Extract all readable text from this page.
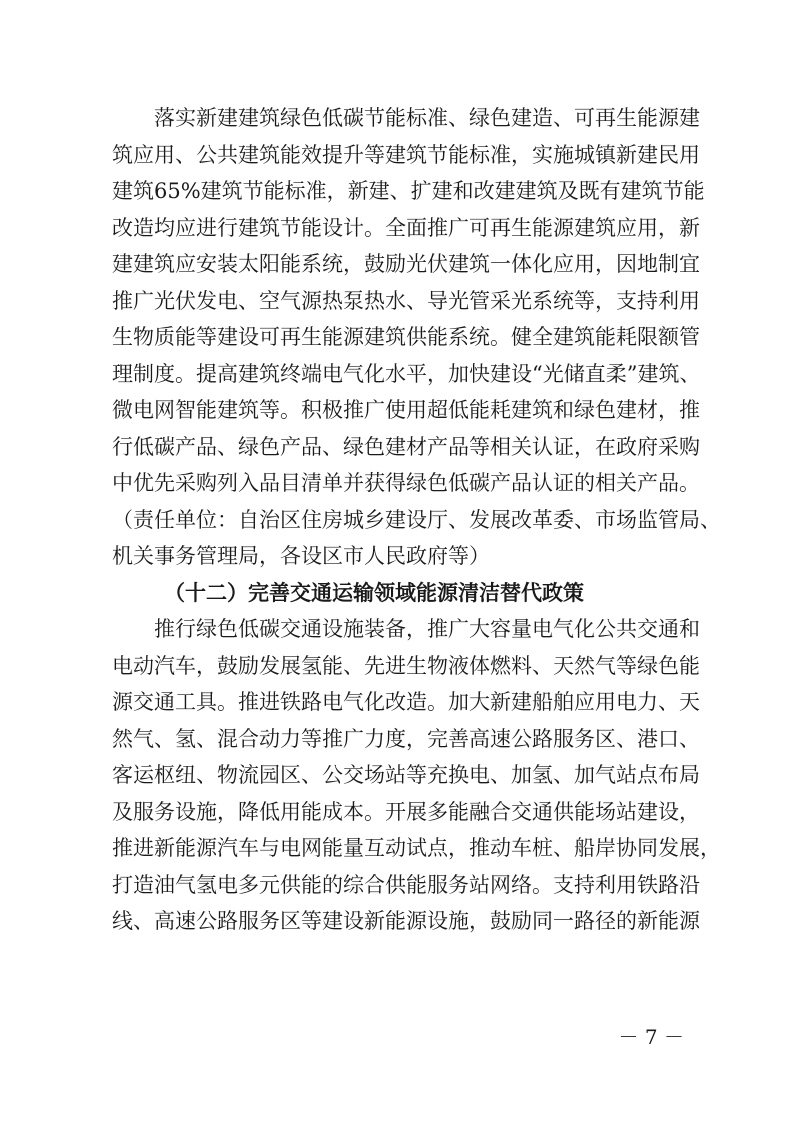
落实新建建筑绿色低碳节能标准、绿色建造、可再生能源建
筑应用、公共建筑能效提升等建筑节能标准，实施城镇新建民用
建筑65%建筑节能标准，新建、扩建和改建建筑及既有建筑节能
改造均应进行建筑节能设计。全面推广可再生能源建筑应用，新
建建筑应安装太阳能系统，鼓励光伏建筑一体化应用，因地制宜
推广光伏发电、空气源热泵热水、导光管采光系统等，支持利用
生物质能等建设可再生能源建筑供能系统。健全建筑能耗限额管
理制度。提高建筑终端电气化水平，加快建设“光储直柔”建筑、
微电网智能建筑等。积极推广使用超低能耗建筑和绿色建材，推
行低碳产品、绿色产品、绿色建材产品等相关认证，在政府采购
中优先采购列入品目清单并获得绿色低碳产品认证的相关产品。
（责任单位：自治区住房城乡建设厅、发展改革委、市场监管局、
机关事务管理局，各设区市人民政府等）
（十二）完善交通运输领域能源清洁替代政策
推行绿色低碳交通设施装备，推广大容量电气化公共交通和
电动汽车，鼓励发展氢能、先进生物液体燃料、天然气等绿色能
源交通工具。推进铁路电气化改造。加大新建船舶应用电力、天
然气、氢、混合动力等推广力度，完善高速公路服务区、港口、
客运枢纽、物流园区、公交场站等充换电、加氢、加气站点布局
及服务设施，降低用能成本。开展多能融合交通供能场站建设，
推进新能源汽车与电网能量互动试点，推动车桩、船岸协同发展，
打造油气氢电多元供能的综合供能服务站网络。支持利用铁路沿
线、高速公路服务区等建设新能源设施，鼓励同一路径的新能源
－ 7 －
